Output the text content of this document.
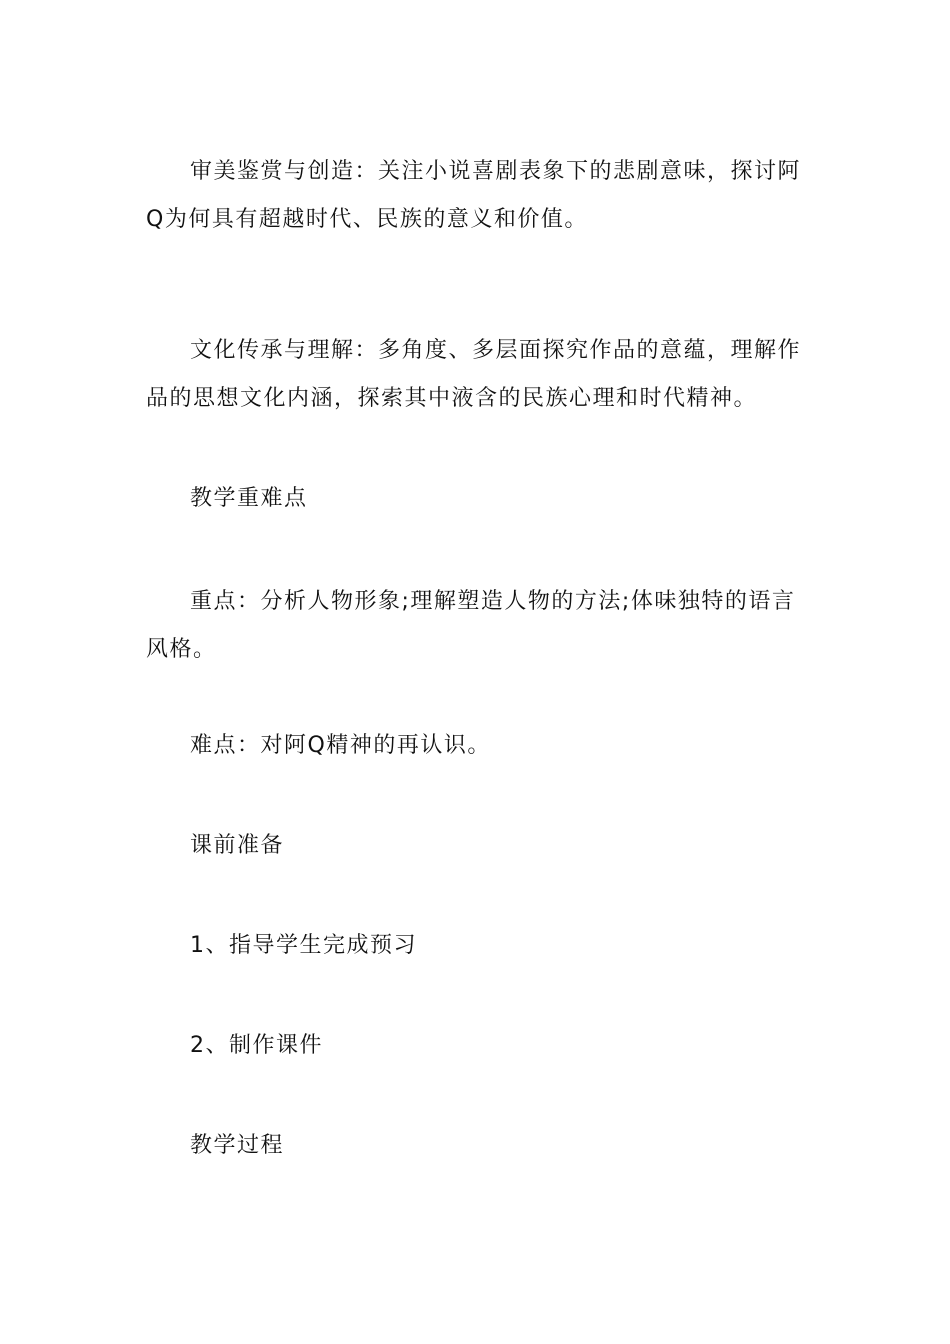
审美鉴赏与创造：关注小说喜剧表象下的悲剧意味，探讨阿Q为何具有超越时代、民族的意义和价值。

文化传承与理解：多角度、多层面探究作品的意蕴，理解作品的思想文化内涵，探索其中液含的民族心理和时代精神。

教学重难点

重点：分析人物形象;理解塑造人物的方法;体味独特的语言风格。

难点：对阿Q精神的再认识。

课前准备

1、指导学生完成预习

2、制作课件

教学过程
